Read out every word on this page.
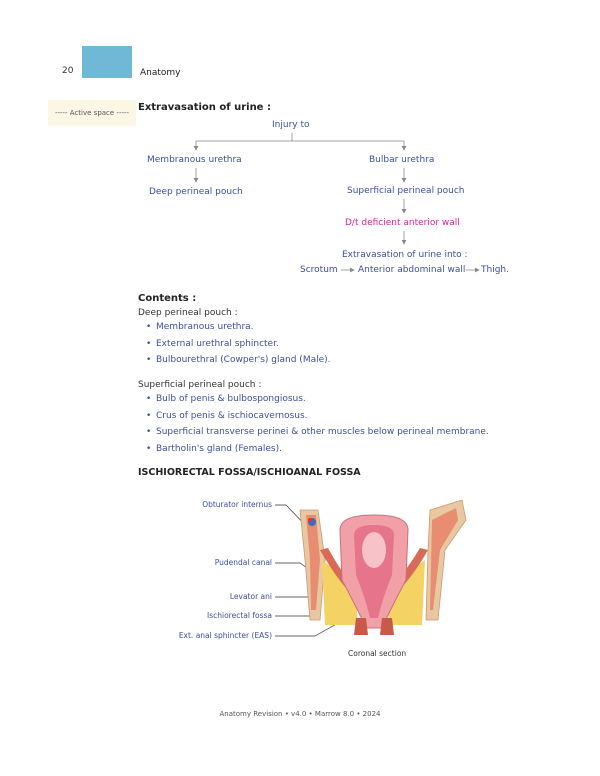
20	Anatomy
----- Active space ----- Extravasation of urine :
Injury to
Membranous urethra
Deep perineal pouch
Bulbar urethra
Superficial perineal pouch
D/t deficient anterior wall
Extravasation of urine into :
Scrotum Anterior abdominal wall Thigh.
Contents :
Deep perineal pouch :
• Membranous urethra.
• External urethral sphincter.
• Bulbourethral (Cowper's) gland (Male).
Superficial perineal pouch :
• Bulb of penis & bulbospongiosus.
• Crus of penis & ischiocavernosus.
• Superficial transverse perinei & other muscles below perineal membrane.
• Bartholin's gland (Females).
ISCHIORECTAL FOSSA/ISCHIOANAL FOSSA
Obturator internus
Pudendal canal
Levator ani
Ischiorectal fossa
Ext. anal sphincter (EAS)
Coronal section
Anatomy Revision • v4.0 • Marrow 8.0 • 2024
